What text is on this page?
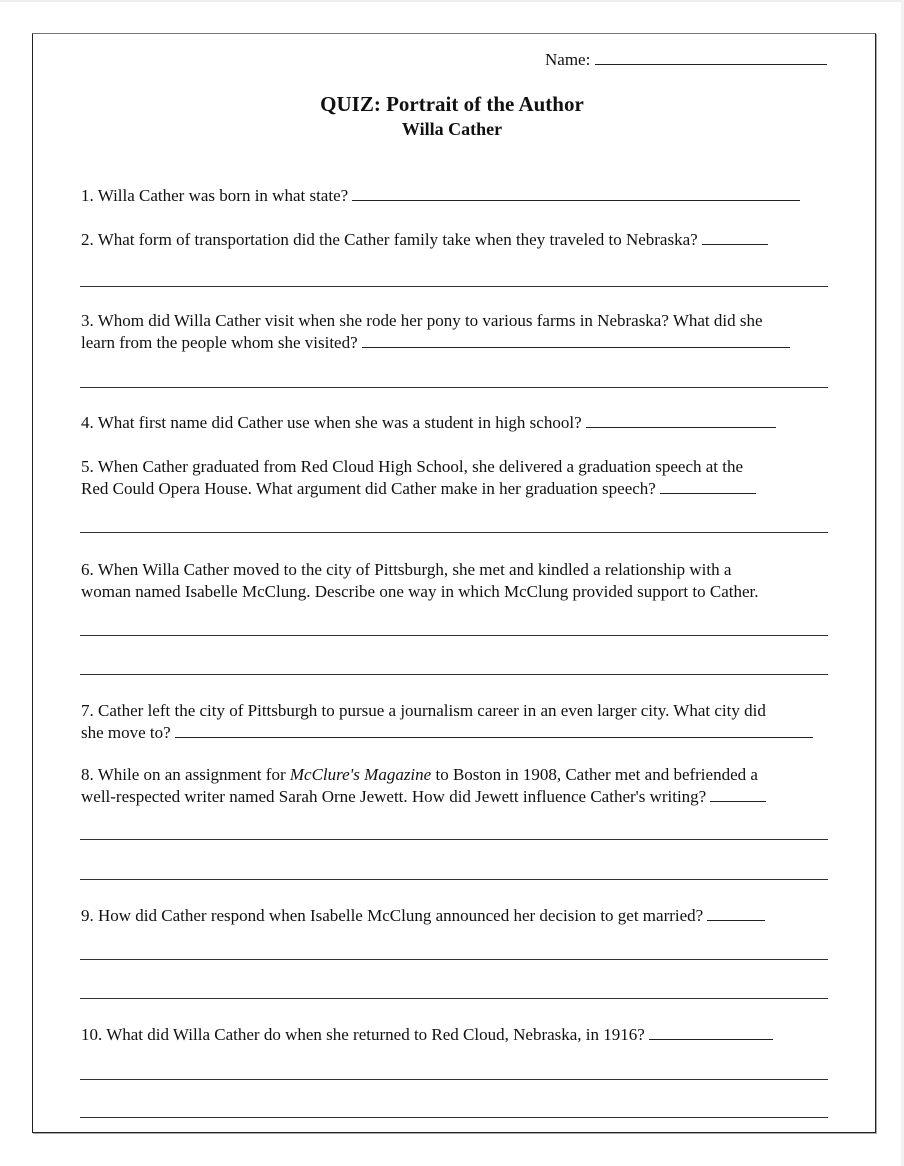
Name:
QUIZ: Portrait of the Author
Willa Cather
1. Willa Cather was born in what state?
2. What form of transportation did the Cather family take when they traveled to Nebraska?
3. Whom did Willa Cather visit when she rode her pony to various farms in Nebraska? What did she
learn from the people whom she visited?
4. What first name did Cather use when she was a student in high school?
5. When Cather graduated from Red Cloud High School, she delivered a graduation speech at the
Red Could Opera House. What argument did Cather make in her graduation speech?
6. When Willa Cather moved to the city of Pittsburgh, she met and kindled a relationship with a
woman named Isabelle McClung. Describe one way in which McClung provided support to Cather.
7. Cather left the city of Pittsburgh to pursue a journalism career in an even larger city. What city did
she move to?
8. While on an assignment for McClure's Magazine to Boston in 1908, Cather met and befriended a
well-respected writer named Sarah Orne Jewett. How did Jewett influence Cather's writing?
9. How did Cather respond when Isabelle McClung announced her decision to get married?
10. What did Willa Cather do when she returned to Red Cloud, Nebraska, in 1916?
